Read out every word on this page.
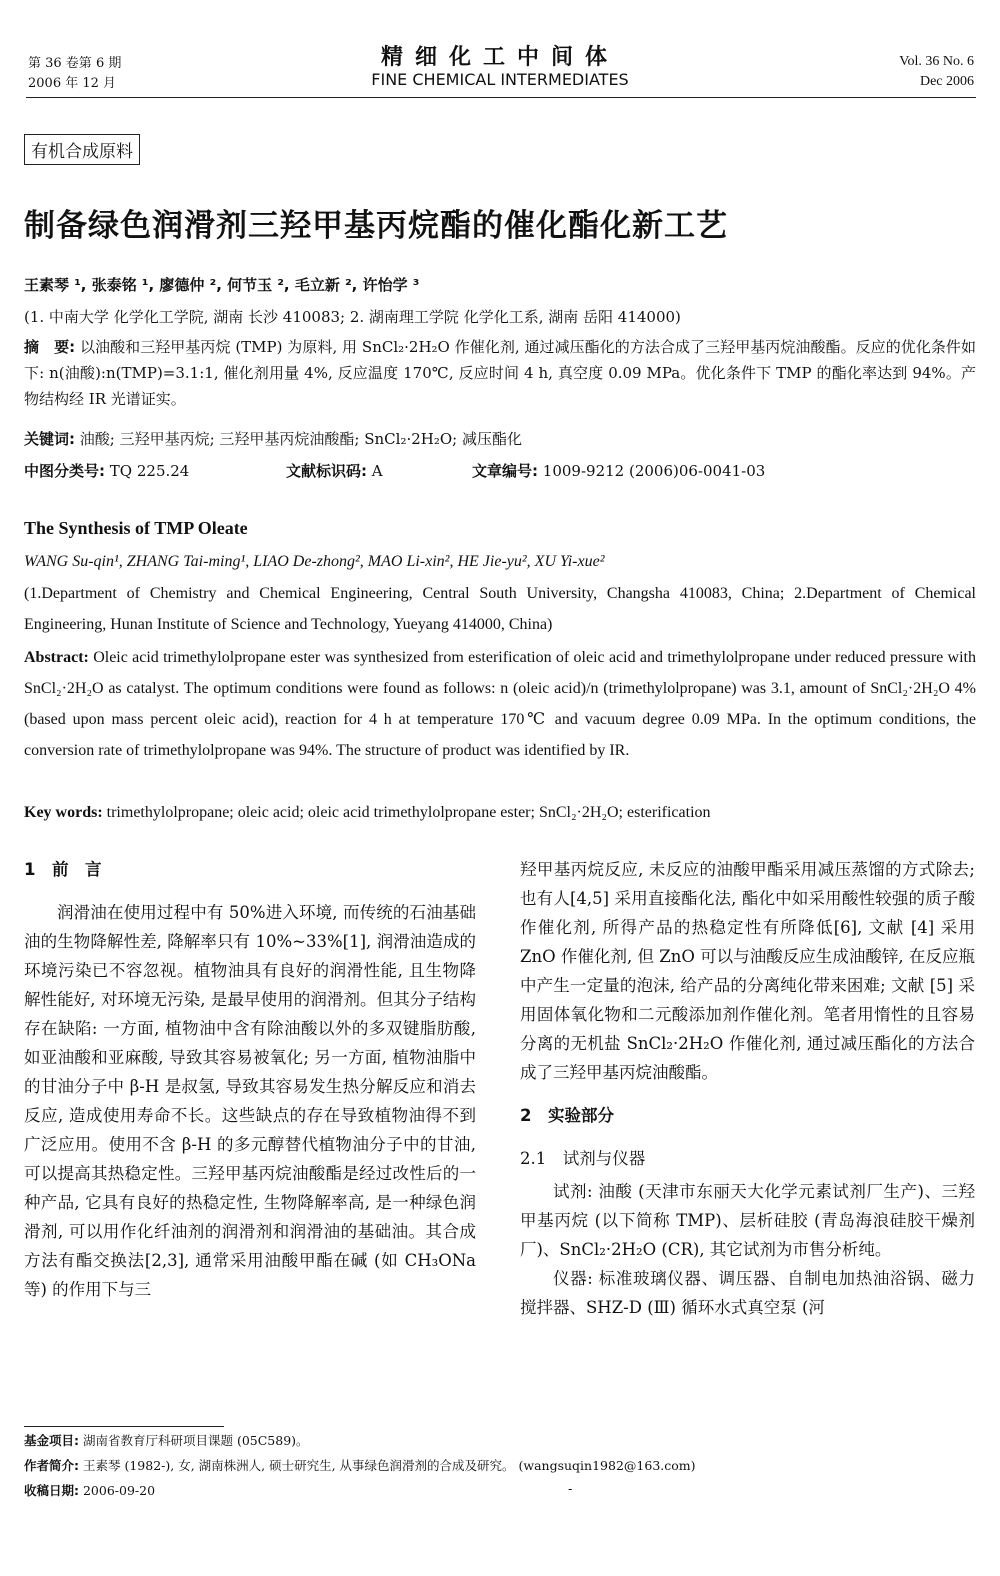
第 36 卷第 6 期
2006 年 12 月
精细化工中间体
FINE CHEMICAL INTERMEDIATES
Vol. 36 No. 6
Dec 2006
有机合成原料
制备绿色润滑剂三羟甲基丙烷酯的催化酯化新工艺
王素琴 ¹, 张泰铭 ¹, 廖德仲 ², 何节玉 ², 毛立新 ², 许怡学 ³
(1. 中南大学 化学化工学院, 湖南 长沙 410083; 2. 湖南理工学院 化学化工系, 湖南 岳阳 414000)
摘　要: 以油酸和三羟甲基丙烷 (TMP) 为原料, 用 SnCl₂·2H₂O 作催化剂, 通过减压酯化的方法合成了三羟甲基丙烷油酸酯。反应的优化条件如下: n(油酸):n(TMP)=3.1:1, 催化剂用量 4%, 反应温度 170℃, 反应时间 4 h, 真空度 0.09 MPa。优化条件下 TMP 的酯化率达到 94%。产物结构经 IR 光谱证实。
关键词: 油酸; 三羟甲基丙烷; 三羟甲基丙烷油酸酯; SnCl₂·2H₂O; 减压酯化
中图分类号: TQ 225.24	文献标识码: A	文章编号: 1009-9212 (2006)06-0041-03
The Synthesis of TMP Oleate
WANG Su-qin¹, ZHANG Tai-ming¹, LIAO De-zhong², MAO Li-xin², HE Jie-yu², XU Yi-xue²
(1.Department of Chemistry and Chemical Engineering, Central South University, Changsha 410083, China; 2.Department of Chemical Engineering, Hunan Institute of Science and Technology, Yueyang 414000, China)
Abstract: Oleic acid trimethylolpropane ester was synthesized from esterification of oleic acid and trimethylolpropane under reduced pressure with SnCl₂·2H₂O as catalyst. The optimum conditions were found as follows: n (oleic acid)/n (trimethylolpropane) was 3.1, amount of SnCl₂·2H₂O 4% (based upon mass percent oleic acid), reaction for 4 h at temperature 170℃ and vacuum degree 0.09 MPa. In the optimum conditions, the conversion rate of trimethylolpropane was 94%. The structure of product was identified by IR.
Key words: trimethylolpropane; oleic acid; oleic acid trimethylolpropane ester; SnCl₂·2H₂O; esterification
1　前　言

润滑油在使用过程中有 50%进入环境, 而传统的石油基础油的生物降解性差, 降解率只有 10%~33%[1], 润滑油造成的环境污染已不容忽视。植物油具有良好的润滑性能, 且生物降解性能好, 对环境无污染, 是最早使用的润滑剂。但其分子结构存在缺陷: 一方面, 植物油中含有除油酸以外的多双键脂肪酸, 如亚油酸和亚麻酸, 导致其容易被氧化; 另一方面, 植物油脂中的甘油分子中 β-H 是叔氢, 导致其容易发生热分解反应和消去反应, 造成使用寿命不长。这些缺点的存在导致植物油得不到广泛应用。使用不含 β-H 的多元醇替代植物油分子中的甘油, 可以提高其热稳定性。三羟甲基丙烷油酸酯是经过改性后的一种产品, 它具有良好的热稳定性, 生物降解率高, 是一种绿色润滑剂, 可以用作化纤油剂的润滑剂和润滑油的基础油。其合成方法有酯交换法[2,3], 通常采用油酸甲酯在碱 (如 CH₃ONa 等) 的作用下与三

羟甲基丙烷反应, 未反应的油酸甲酯采用减压蒸馏的方式除去; 也有人[4,5] 采用直接酯化法, 酯化中如采用酸性较强的质子酸作催化剂, 所得产品的热稳定性有所降低[6], 文献 [4] 采用 ZnO 作催化剂, 但 ZnO 可以与油酸反应生成油酸锌, 在反应瓶中产生一定量的泡沫, 给产品的分离纯化带来困难; 文献 [5] 采用固体氧化物和二元酸添加剂作催化剂。笔者用惰性的且容易分离的无机盐 SnCl₂·2H₂O 作催化剂, 通过减压酯化的方法合成了三羟甲基丙烷油酸酯。

2　实验部分
2.1　试剂与仪器

试剂: 油酸 (天津市东丽天大化学元素试剂厂生产)、三羟甲基丙烷 (以下简称 TMP)、层析硅胶 (青岛海浪硅胶干燥剂厂)、SnCl₂·2H₂O (CR), 其它试剂为市售分析纯。

仪器: 标准玻璃仪器、调压器、自制电加热油浴锅、磁力搅拌器、SHZ-D (Ⅲ) 循环水式真空泵 (河

基金项目: 湖南省教育厅科研项目课题 (05C589)。
作者简介: 王素琴 (1982-), 女, 湖南株洲人, 硕士研究生, 从事绿色润滑剂的合成及研究。 (wangsuqin1982@163.com)
收稿日期: 2006-09-20	-
